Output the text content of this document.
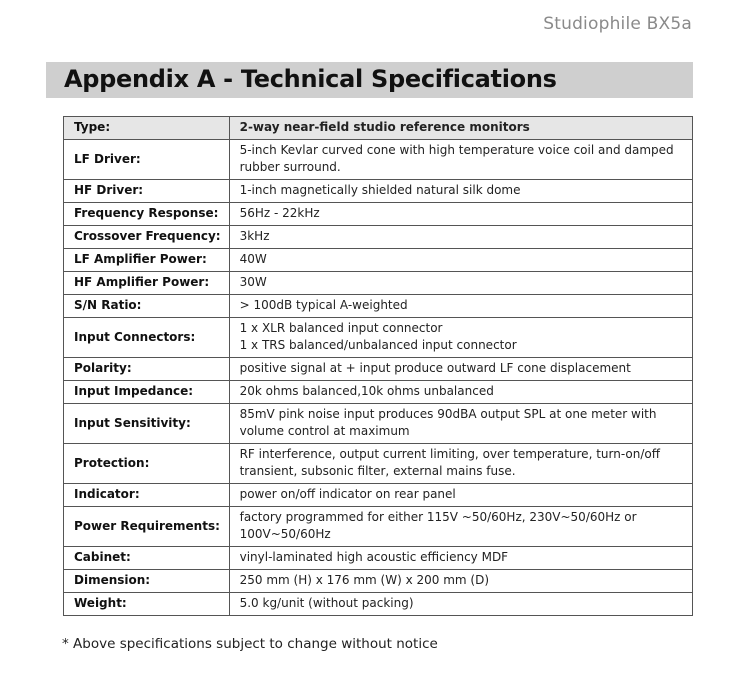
Studiophile BX5a
Appendix A - Technical Specifications
Type:	2-way near-field studio reference monitors
LF Driver:	5-inch Kevlar curved cone with high temperature voice coil and damped rubber surround.

HF Driver:	1-inch magnetically shielded natural silk dome

Frequency Response:	56Hz - 22kHz

Crossover Frequency:	3kHz

LF Amplifier Power:	40W

HF Amplifier Power:	30W

S/N Ratio:	> 100dB typical A-weighted

Input Connectors:	1 x XLR balanced input connector
1 x TRS balanced/unbalanced input connector

Polarity:	positive signal at + input produce outward LF cone displacement

Input Impedance:	20k ohms balanced,10k ohms unbalanced

Input Sensitivity:	85mV pink noise input produces 90dBA output SPL at one meter with volume control at maximum

Protection:	RF interference, output current limiting, over temperature, turn-on/off transient, subsonic filter, external mains fuse.

Indicator:	power on/off indicator on rear panel

Power Requirements:	factory programmed for either 115V ~50/60Hz, 230V~50/60Hz or 100V~50/60Hz

Cabinet:	vinyl-laminated high acoustic efficiency MDF

Dimension:	250 mm (H) x 176 mm (W) x 200 mm (D)

Weight:	5.0 kg/unit (without packing)
* Above specifications subject to change without notice
